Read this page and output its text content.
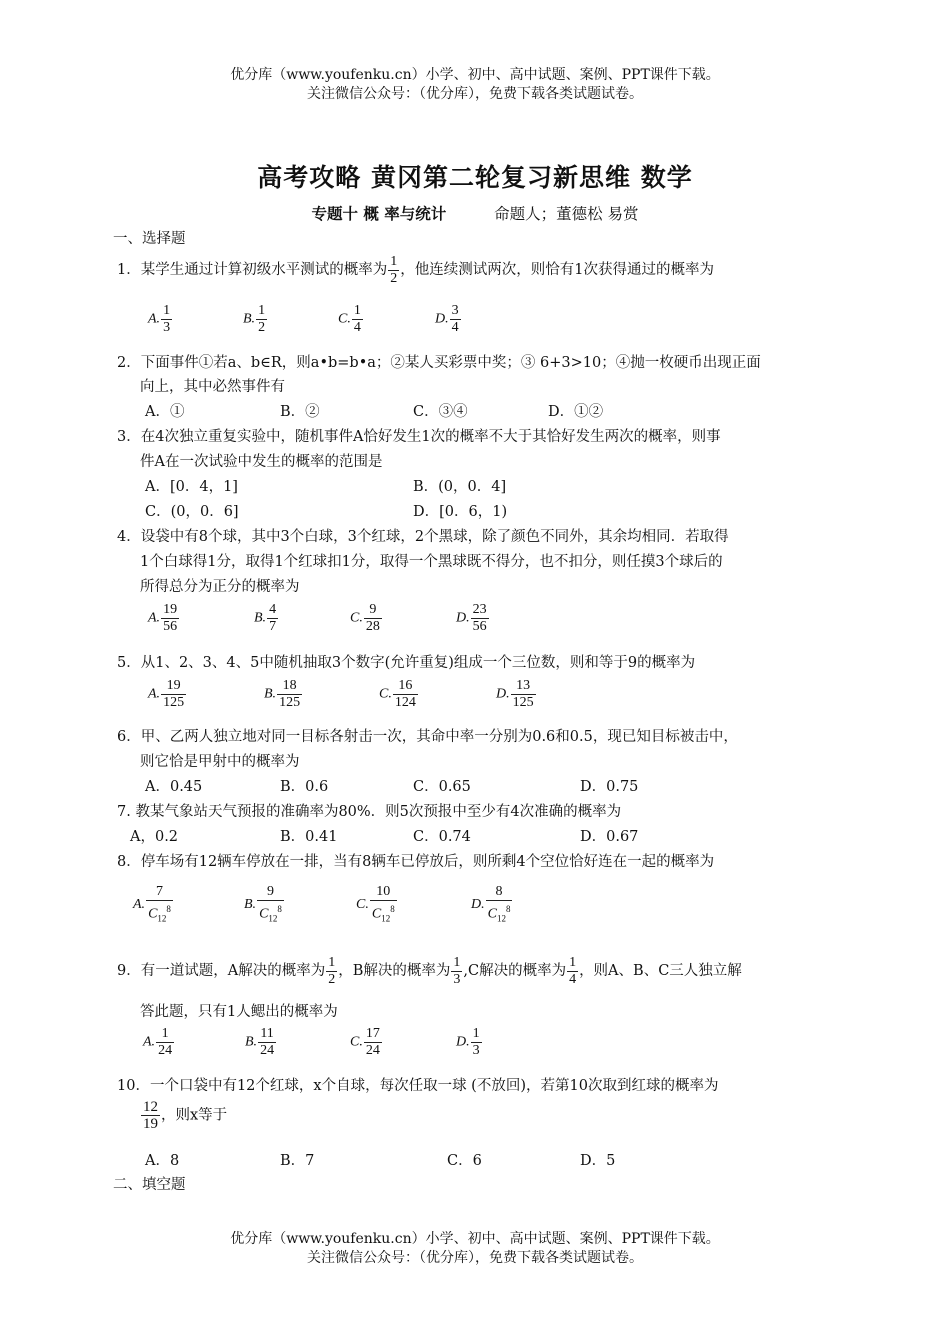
优分库（www.youfenku.cn）小学、初中、高中试题、案例、PPT课件下载。
关注微信公众号：（优分库），免费下载各类试题试卷。
高考攻略 黄冈第二轮复习新思维 数学
专题十 概 率与统计	命题人；董德松 易赏
一、选择题
1．某学生通过计算初级水平测试的概率为 $\frac{1}{2}$ ，他连续测试两次，则恰有1次获得通过的概率为
A. $\frac{1}{3}$	B. $\frac{1}{2}$	C. $\frac{1}{4}$	D. $\frac{3}{4}$
2．下面事件①若a、b∈R，则a•b=b•a；②某人买彩票中奖；③ 6+3>10；④抛一枚硬币出现正面
向上，其中必然事件有
A．①	B．②	C．③④	D．①②
3．在4次独立重复实验中，随机事件A恰好发生1次的概率不大于其恰好发生两次的概率，则事
件A在一次试验中发生的概率的范围是
A．[0．4，1]	B．(0，0．4]
C．(0，0．6]	D．[0．6，1)
4．设袋中有8个球，其中3个白球，3个红球，2个黑球，除了颜色不同外，其余均相同．若取得
1个白球得1分，取得1个红球扣1分，取得一个黑球既不得分，也不扣分，则任摸3个球后的
所得总分为正分的概率为
A. $\frac{19}{56}$	B. $\frac{4}{7}$	C. $\frac{9}{28}$	D. $\frac{23}{56}$
5．从1、2、3、4、5中随机抽取3个数字(允许重复)组成一个三位数，则和等于9的概率为
A. $\frac{19}{125}$	B. $\frac{18}{125}$	C. $\frac{16}{124}$	D. $\frac{13}{125}$
6．甲、乙两人独立地对同一目标各射击一次，其命中率一分别为0.6和0.5，现已知目标被击中，
则它恰是甲射中的概率为
A．0.45	B．0.6	C．0.65	D．0.75
7. 教某气象站天气预报的准确率为80%．则5次预报中至少有4次准确的概率为
A，0.2	B．0.41	C．0.74	D．0.67
8．停车场有12辆车停放在一排，当有8辆车已停放后，则所剩4个空位恰好连在一起的概率为
A. $\frac{7}{C_{12}^8}$	B. $\frac{9}{C_{12}^8}$	C. $\frac{10}{C_{12}^8}$	D. $\frac{8}{C_{12}^8}$
9．有一道试题，A解决的概率为 $\frac{1}{2}$ ，B解决的概率为 $\frac{1}{3} ,C$解决的概率为 $\frac{1}{4}$ ，则A、B、C三人独立解
答此题，只有1人鳃出的概率为
A. $\frac{1}{24}$	B. $\frac{11}{24}$	C. $\frac{17}{24}$	D. $\frac{1}{3}$
10．一个口袋中有12个红球，x个自球，每次任取一球 (不放回)，若第10次取到红球的概率为
$\frac{12}{19}$ ，则x等于
A．8	B．7	C．6	D．5
二、填空题
优分库（www.youfenku.cn）小学、初中、高中试题、案例、PPT课件下载。
关注微信公众号：（优分库），免费下载各类试题试卷。
